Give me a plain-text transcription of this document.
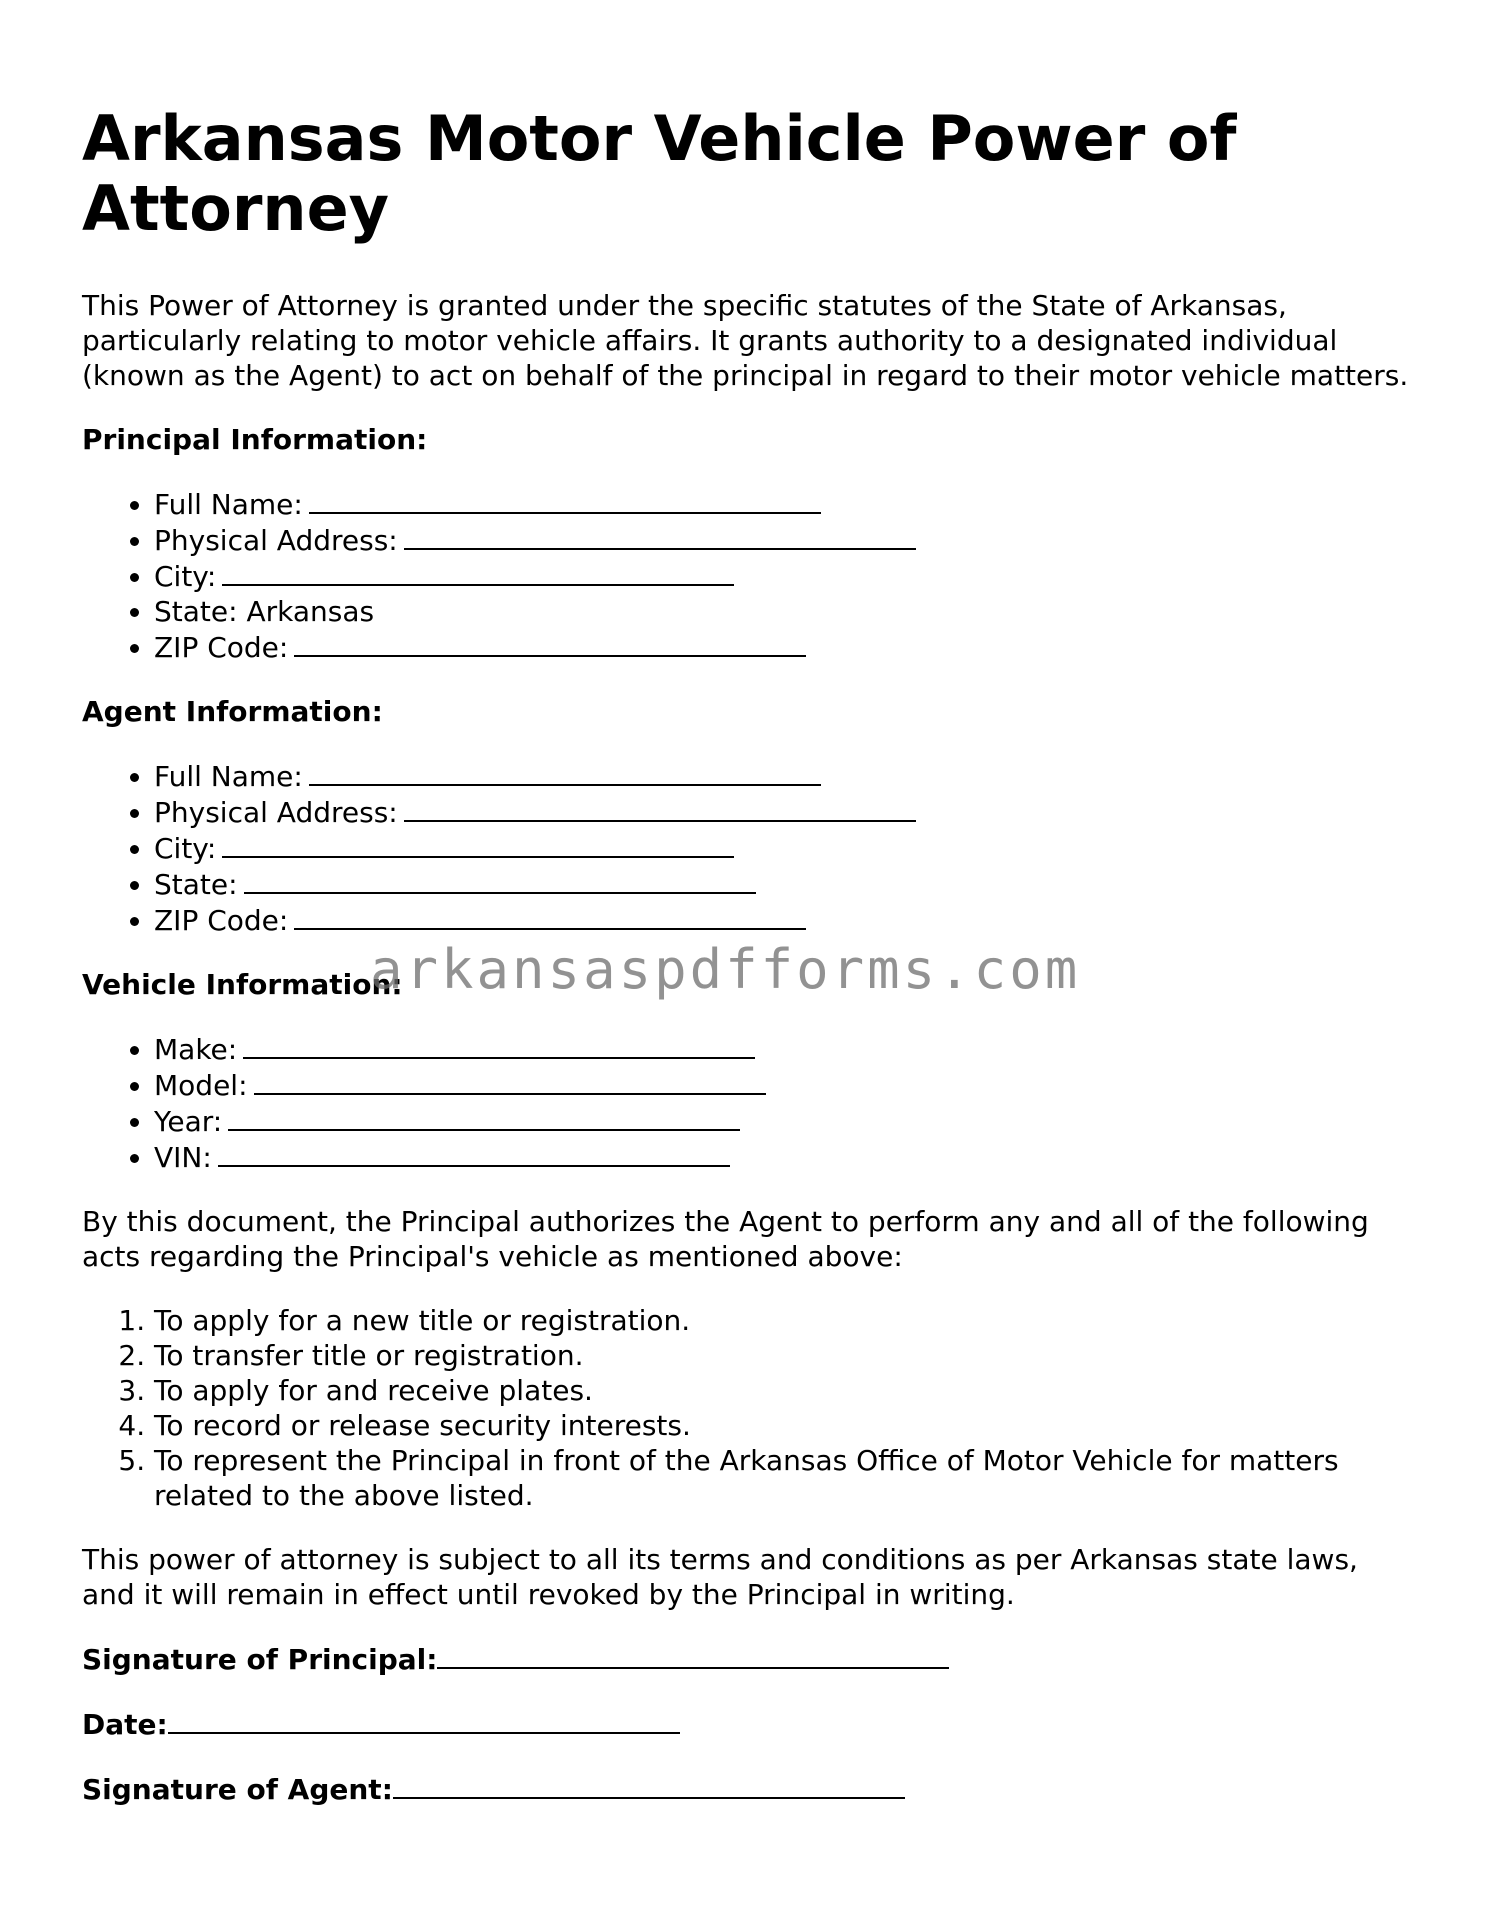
Arkansas Motor Vehicle Power of Attorney

This Power of Attorney is granted under the specific statutes of the State of Arkansas, particularly relating to motor vehicle affairs. It grants authority to a designated individual (known as the Agent) to act on behalf of the principal in regard to their motor vehicle matters.

Principal Information:

• Full Name:
• Physical Address:
• City:
• State: Arkansas
• ZIP Code:

Agent Information:

• Full Name:
• Physical Address:
• City:
• State:
• ZIP Code:

Vehicle Information:

• Make:
• Model:
• Year:
• VIN:

By this document, the Principal authorizes the Agent to perform any and all of the following acts regarding the Principal's vehicle as mentioned above:

1. To apply for a new title or registration.
2. To transfer title or registration.
3. To apply for and receive plates.
4. To record or release security interests.
5. To represent the Principal in front of the Arkansas Office of Motor Vehicle for matters related to the above listed.

This power of attorney is subject to all its terms and conditions as per Arkansas state laws, and it will remain in effect until revoked by the Principal in writing.

Signature of Principal:

Date:

Signature of Agent:

arkansaspdfforms.com
